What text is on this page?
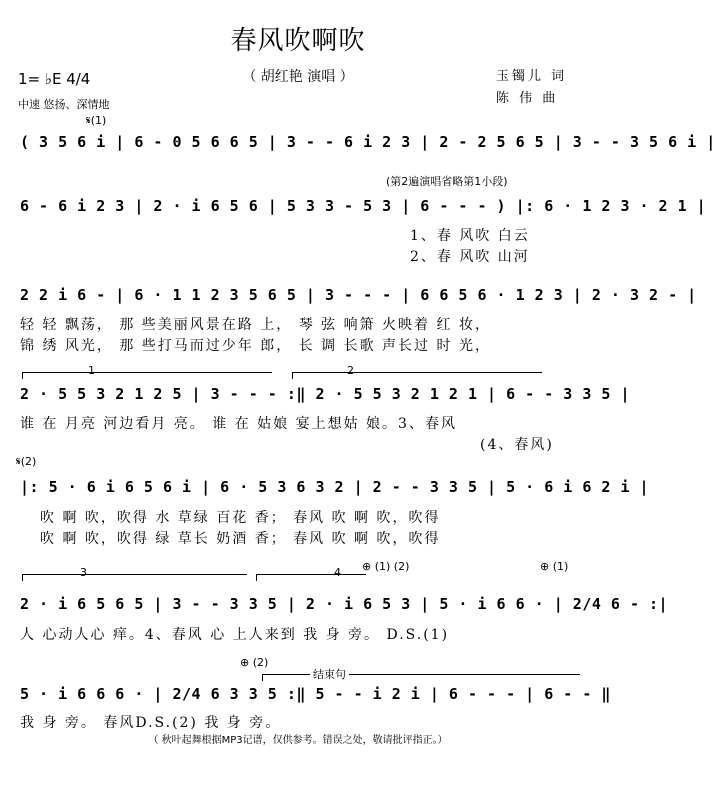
春风吹啊吹
（ 胡红艳 演唱 ）
1= ♭E 4/4
中速 悠扬、深情地
玉镯儿 词
陈 伟 曲
𝄋(1)
( 3 5 6 i | 6 - 0 5 6 6 5 | 3 - - 6 i 2 3 | 2 - 2 5 6 5 | 3 - - 3 5 6 i |
(第2遍演唱省略第1小段)
6 - 6 i 2 3 | 2 · i 6 5 6 | 5 3 3 - 5 3 | 6 - - - ) |: 6 · 1 2 3 · 2 1 |
1、春 风吹 白云
2、春 风吹 山河
2 2 i 6 - | 6 · 1 1 2 3 5 6 5 | 3 - - - | 6 6 5 6 · 1 2 3 | 2 · 3 2 - |
轻 轻 飘荡， 那 些美丽风景在路 上， 琴 弦 响箫 火映着 红 妆，
锦 绣 风光， 那 些打马而过少年 郎， 长 调 长歌 声长过 时 光，
1	2
2 · 5 5 3 2 1 2 5 | 3 - - - :‖ 2 · 5 5 3 2 1 2 1 | 6 - - 3 3 5 |
谁 在 月亮 河边看月 亮。 谁 在 姑娘 宴上想姑 娘。3、春风
(4、春风)
𝄋(2)
|: 5 · 6 i 6 5 6 i | 6 · 5 3 6 3 2 | 2 - - 3 3 5 | 5 · 6 i 6 2 i |
吹 啊 吹，吹得 水 草绿 百花 香； 春风 吹 啊 吹，吹得
吹 啊 吹，吹得 绿 草长 奶酒 香； 春风 吹 啊 吹，吹得
3	4 ⊕ (1) (2)	⊕ (1)
2 · i 6 5 6 5 | 3 - - 3 3 5 | 2 · i 6 5 3 | 5 · i 6 6 · | 2/4 6 - :|
人 心动人心 痒。4、春风 心 上人来到 我 身 旁。 D.S.(1)
⊕ (2)
结束句
5 · i 6 6 6 · | 2/4 6 3 3 5 :‖ 5 - - i 2 i | 6 - - - | 6 - - ‖
我 身 旁。 春风D.S.(2) 我 身 旁。
（ 秋叶起舞根据MP3记谱，仅供参考。错误之处，敬请批评指正。）
